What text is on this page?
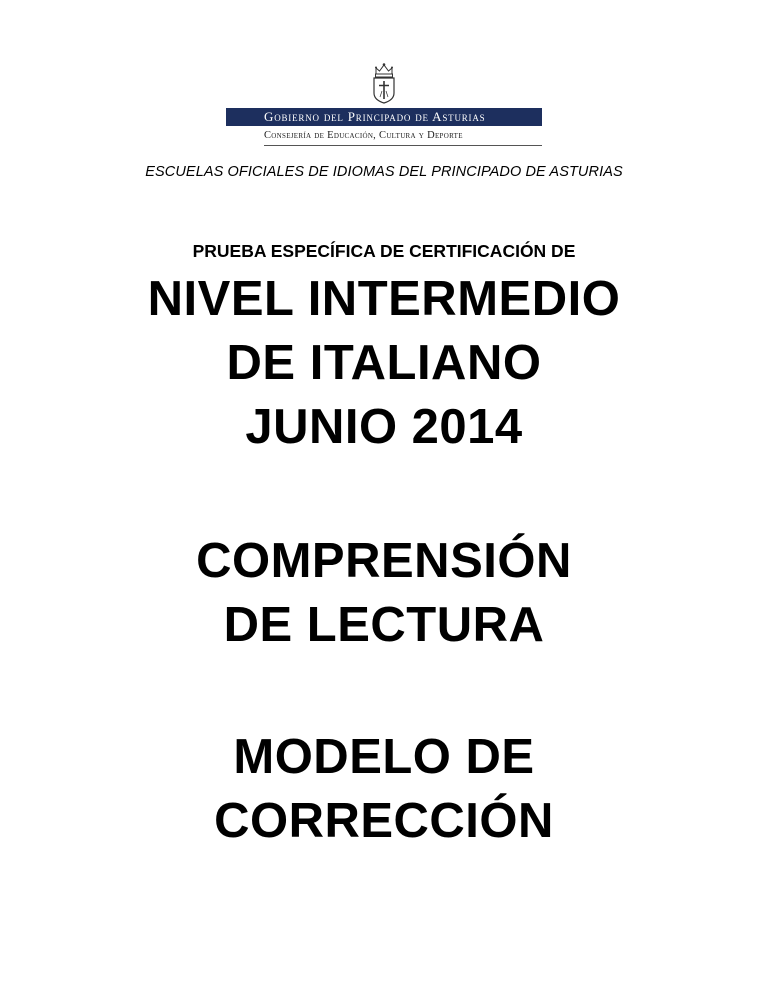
Gobierno del Principado de Asturias
Consejería de Educación, Cultura y Deporte
ESCUELAS OFICIALES DE IDIOMAS DEL PRINCIPADO DE ASTURIAS
PRUEBA ESPECÍFICA DE CERTIFICACIÓN DE
NIVEL INTERMEDIO
DE ITALIANO
JUNIO 2014
COMPRENSIÓN
DE LECTURA
MODELO DE
CORRECCIÓN
